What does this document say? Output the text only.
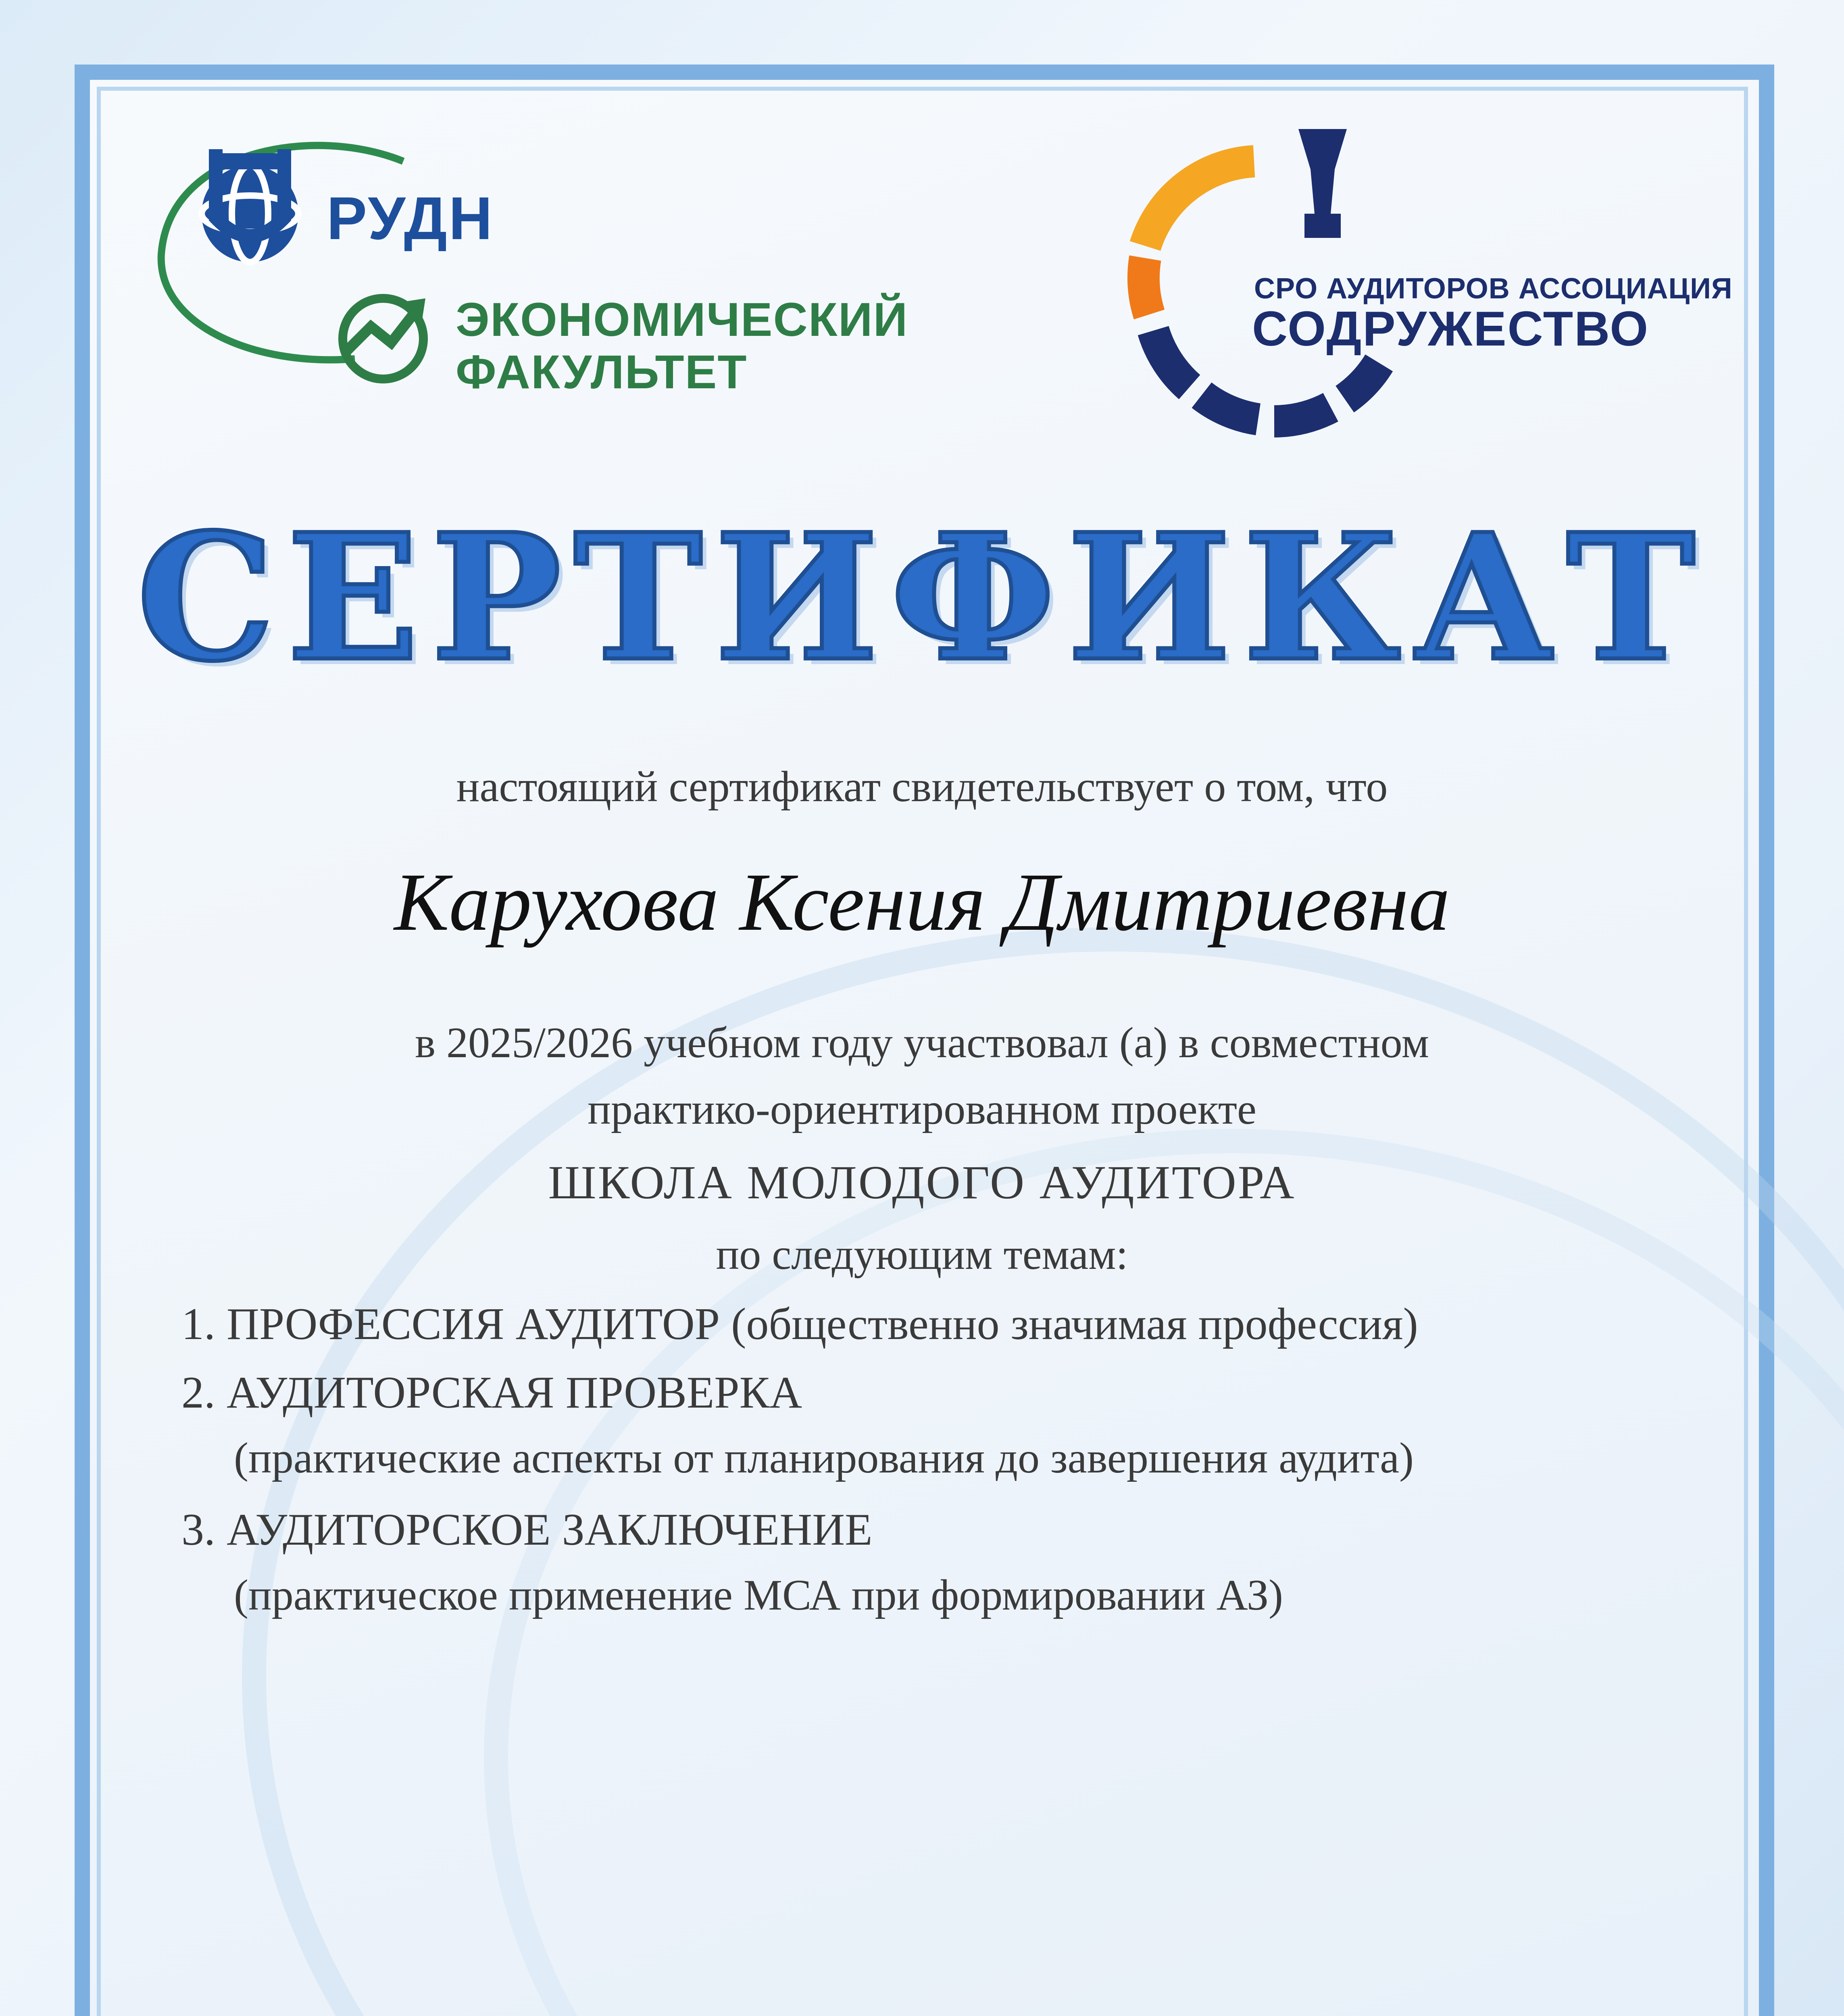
РУДН
ЭКОНОМИЧЕСКИЙ
ФАКУЛЬТЕТ
СРО АУДИТОРОВ АССОЦИАЦИЯ
СОДРУЖЕСТВО
СЕРТИФИКАТ
настоящий сертификат свидетельствует о том, что
Карухова Ксения Дмитриевна
в 2025/2026 учебном году участвовал (а) в совместном
практико-ориентированном проекте
ШКОЛА МОЛОДОГО АУДИТОРА
по следующим темам:
1. ПРОФЕССИЯ АУДИТОР (общественно значимая профессия)
2. АУДИТОРСКАЯ ПРОВЕРКА
(практические аспекты от планирования до завершения аудита)
3. АУДИТОРСКОЕ ЗАКЛЮЧЕНИЕ
(практическое применение МСА при формировании АЗ)
